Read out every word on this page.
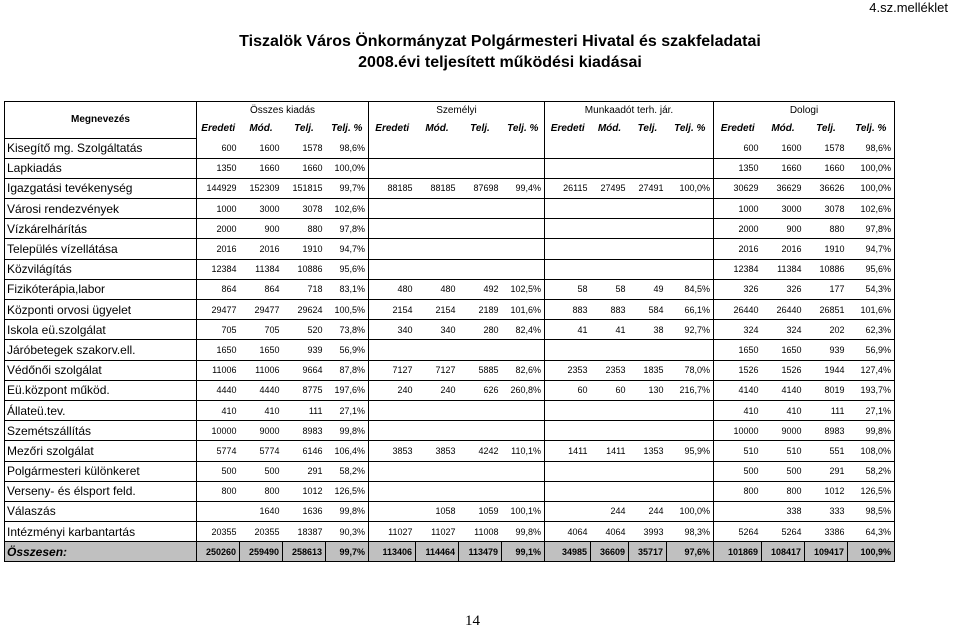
4.sz.melléklet
Tiszalök Város Önkormányzat Polgármesteri Hivatal és szakfeladatai
2008.évi teljesített működési kiadásai
Megnevezés	Összes kiadás				Személyi				Munkaadót terh. jár.				Dologi			
	Eredeti	Mód.	Telj.	Telj. %	Eredeti	Mód.	Telj.	Telj. %	Eredeti	Mód.	Telj.	Telj. %	Eredeti	Mód.	Telj.	Telj. %
Kisegítő mg. Szolgáltatás	600	1600	1578	98,6%									600	1600	1578	98,6%
Lapkiadás	1350	1660	1660	100,0%									1350	1660	1660	100,0%
Igazgatási tevékenység	144929	152309	151815	99,7%	88185	88185	87698	99,4%	26115	27495	27491	100,0%	30629	36629	36626	100,0%
Városi rendezvények	1000	3000	3078	102,6%									1000	3000	3078	102,6%
Vízkárelhárítás	2000	900	880	97,8%									2000	900	880	97,8%
Település vízellátása	2016	2016	1910	94,7%									2016	2016	1910	94,7%
Közvilágítás	12384	11384	10886	95,6%									12384	11384	10886	95,6%
Fizikóterápia,labor	864	864	718	83,1%	480	480	492	102,5%	58	58	49	84,5%	326	326	177	54,3%
Központi orvosi ügyelet	29477	29477	29624	100,5%	2154	2154	2189	101,6%	883	883	584	66,1%	26440	26440	26851	101,6%
Iskola eü.szolgálat	705	705	520	73,8%	340	340	280	82,4%	41	41	38	92,7%	324	324	202	62,3%
Járóbetegek szakorv.ell.	1650	1650	939	56,9%									1650	1650	939	56,9%
Védőnői szolgálat	11006	11006	9664	87,8%	7127	7127	5885	82,6%	2353	2353	1835	78,0%	1526	1526	1944	127,4%
Eü.központ működ.	4440	4440	8775	197,6%	240	240	626	260,8%	60	60	130	216,7%	4140	4140	8019	193,7%
Állateü.tev.	410	410	111	27,1%									410	410	111	27,1%
Szemétszállítás	10000	9000	8983	99,8%									10000	9000	8983	99,8%
Mezőri szolgálat	5774	5774	6146	106,4%	3853	3853	4242	110,1%	1411	1411	1353	95,9%	510	510	551	108,0%
Polgármesteri különkeret	500	500	291	58,2%									500	500	291	58,2%
Verseny- és élsport feld.	800	800	1012	126,5%									800	800	1012	126,5%
Válaszás		1640	1636	99,8%		1058	1059	100,1%		244	244	100,0%		338	333	98,5%
Intézményi karbantartás	20355	20355	18387	90,3%	11027	11027	11008	99,8%	4064	4064	3993	98,3%	5264	5264	3386	64,3%
Összesen:	250260	259490	258613	99,7%	113406	114464	113479	99,1%	34985	36609	35717	97,6%	101869	108417	109417	100,9%
14
